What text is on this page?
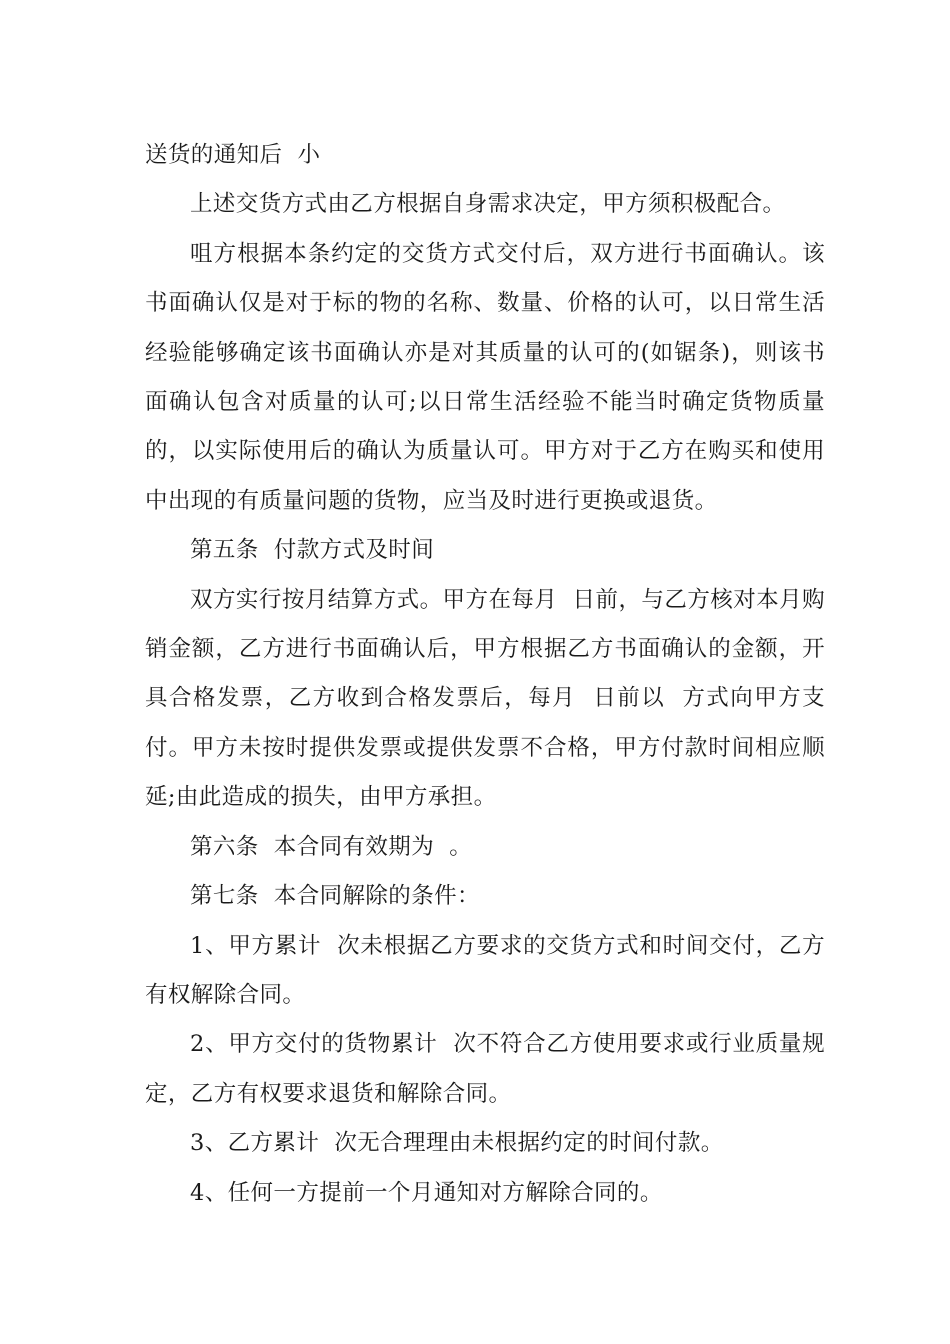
送货的通知后  小

上述交货方式由乙方根据自身需求决定，甲方须积极配合。

咀方根据本条约定的交货方式交付后，双方进行书面确认。该书面确认仅是对于标的物的名称、数量、价格的认可，以日常生活经验能够确定该书面确认亦是对其质量的认可的(如锯条)，则该书面确认包含对质量的认可;以日常生活经验不能当时确定货物质量的，以实际使用后的确认为质量认可。甲方对于乙方在购买和使用中出现的有质量问题的货物，应当及时进行更换或退货。

第五条  付款方式及时间

双方实行按月结算方式。甲方在每月  日前，与乙方核对本月购销金额，乙方进行书面确认后，甲方根据乙方书面确认的金额，开具合格发票，乙方收到合格发票后，每月  日前以  方式向甲方支付。甲方未按时提供发票或提供发票不合格，甲方付款时间相应顺延;由此造成的损失，由甲方承担。

第六条  本合同有效期为  。

第七条  本合同解除的条件：

1、甲方累计  次未根据乙方要求的交货方式和时间交付，乙方有权解除合同。

2、甲方交付的货物累计  次不符合乙方使用要求或行业质量规定，乙方有权要求退货和解除合同。

3、乙方累计  次无合理理由未根据约定的时间付款。

4、任何一方提前一个月通知对方解除合同的。
